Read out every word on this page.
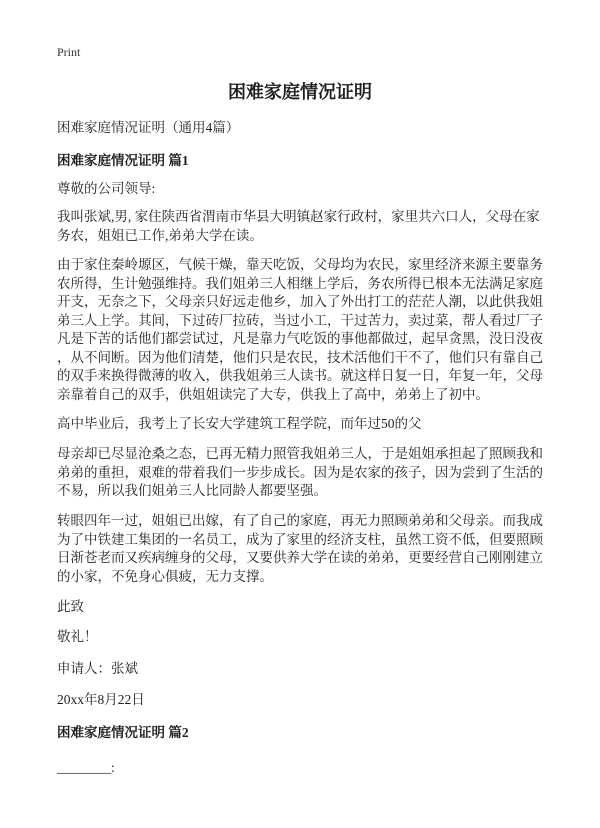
Print
困难家庭情况证明
困难家庭情况证明（通用4篇）
困难家庭情况证明 篇1
尊敬的公司领导:
我叫张斌,男, 家住陕西省渭南市华县大明镇赵家行政村，家里共六口人，父母在家
务农，姐姐已工作,弟弟大学在读。
由于家住秦岭塬区，气候干燥，靠天吃饭，父母均为农民，家里经济来源主要靠务
农所得，生计勉强维持。我们姐弟三人相继上学后，务农所得已根本无法满足家庭
开支，无奈之下，父母亲只好远走他乡，加入了外出打工的茫茫人潮，以此供我姐
弟三人上学。其间，下过砖厂拉砖，当过小工，干过苦力，卖过菜，帮人看过厂子
凡是下苦的话他们都尝试过，凡是靠力气吃饭的事他都做过，起早贪黑，没日没夜
，从不间断。因为他们清楚，他们只是农民，技术活他们干不了，他们只有靠自己
的双手来换得微薄的收入，供我姐弟三人读书。就这样日复一日，年复一年，父母
亲靠着自己的双手，供姐姐读完了大专，供我上了高中，弟弟上了初中。
高中毕业后，我考上了长安大学建筑工程学院，而年过50的父
母亲却已尽显沧桑之态，已再无精力照管我姐弟三人，于是姐姐承担起了照顾我和
弟弟的重担，艰难的带着我们一步步成长。因为是农家的孩子，因为尝到了生活的
不易，所以我们姐弟三人比同龄人都要坚强。
转眼四年一过，姐姐已出嫁，有了自己的家庭，再无力照顾弟弟和父母亲。而我成
为了中铁建工集团的一名员工，成为了家里的经济支柱，虽然工资不低，但要照顾
日渐苍老而又疾病缠身的父母，又要供养大学在读的弟弟，更要经营自己刚刚建立
的小家，不免身心俱疲，无力支撑。
此致
敬礼！
申请人：张斌
20xx年8月22日
困难家庭情况证明 篇2
________:
